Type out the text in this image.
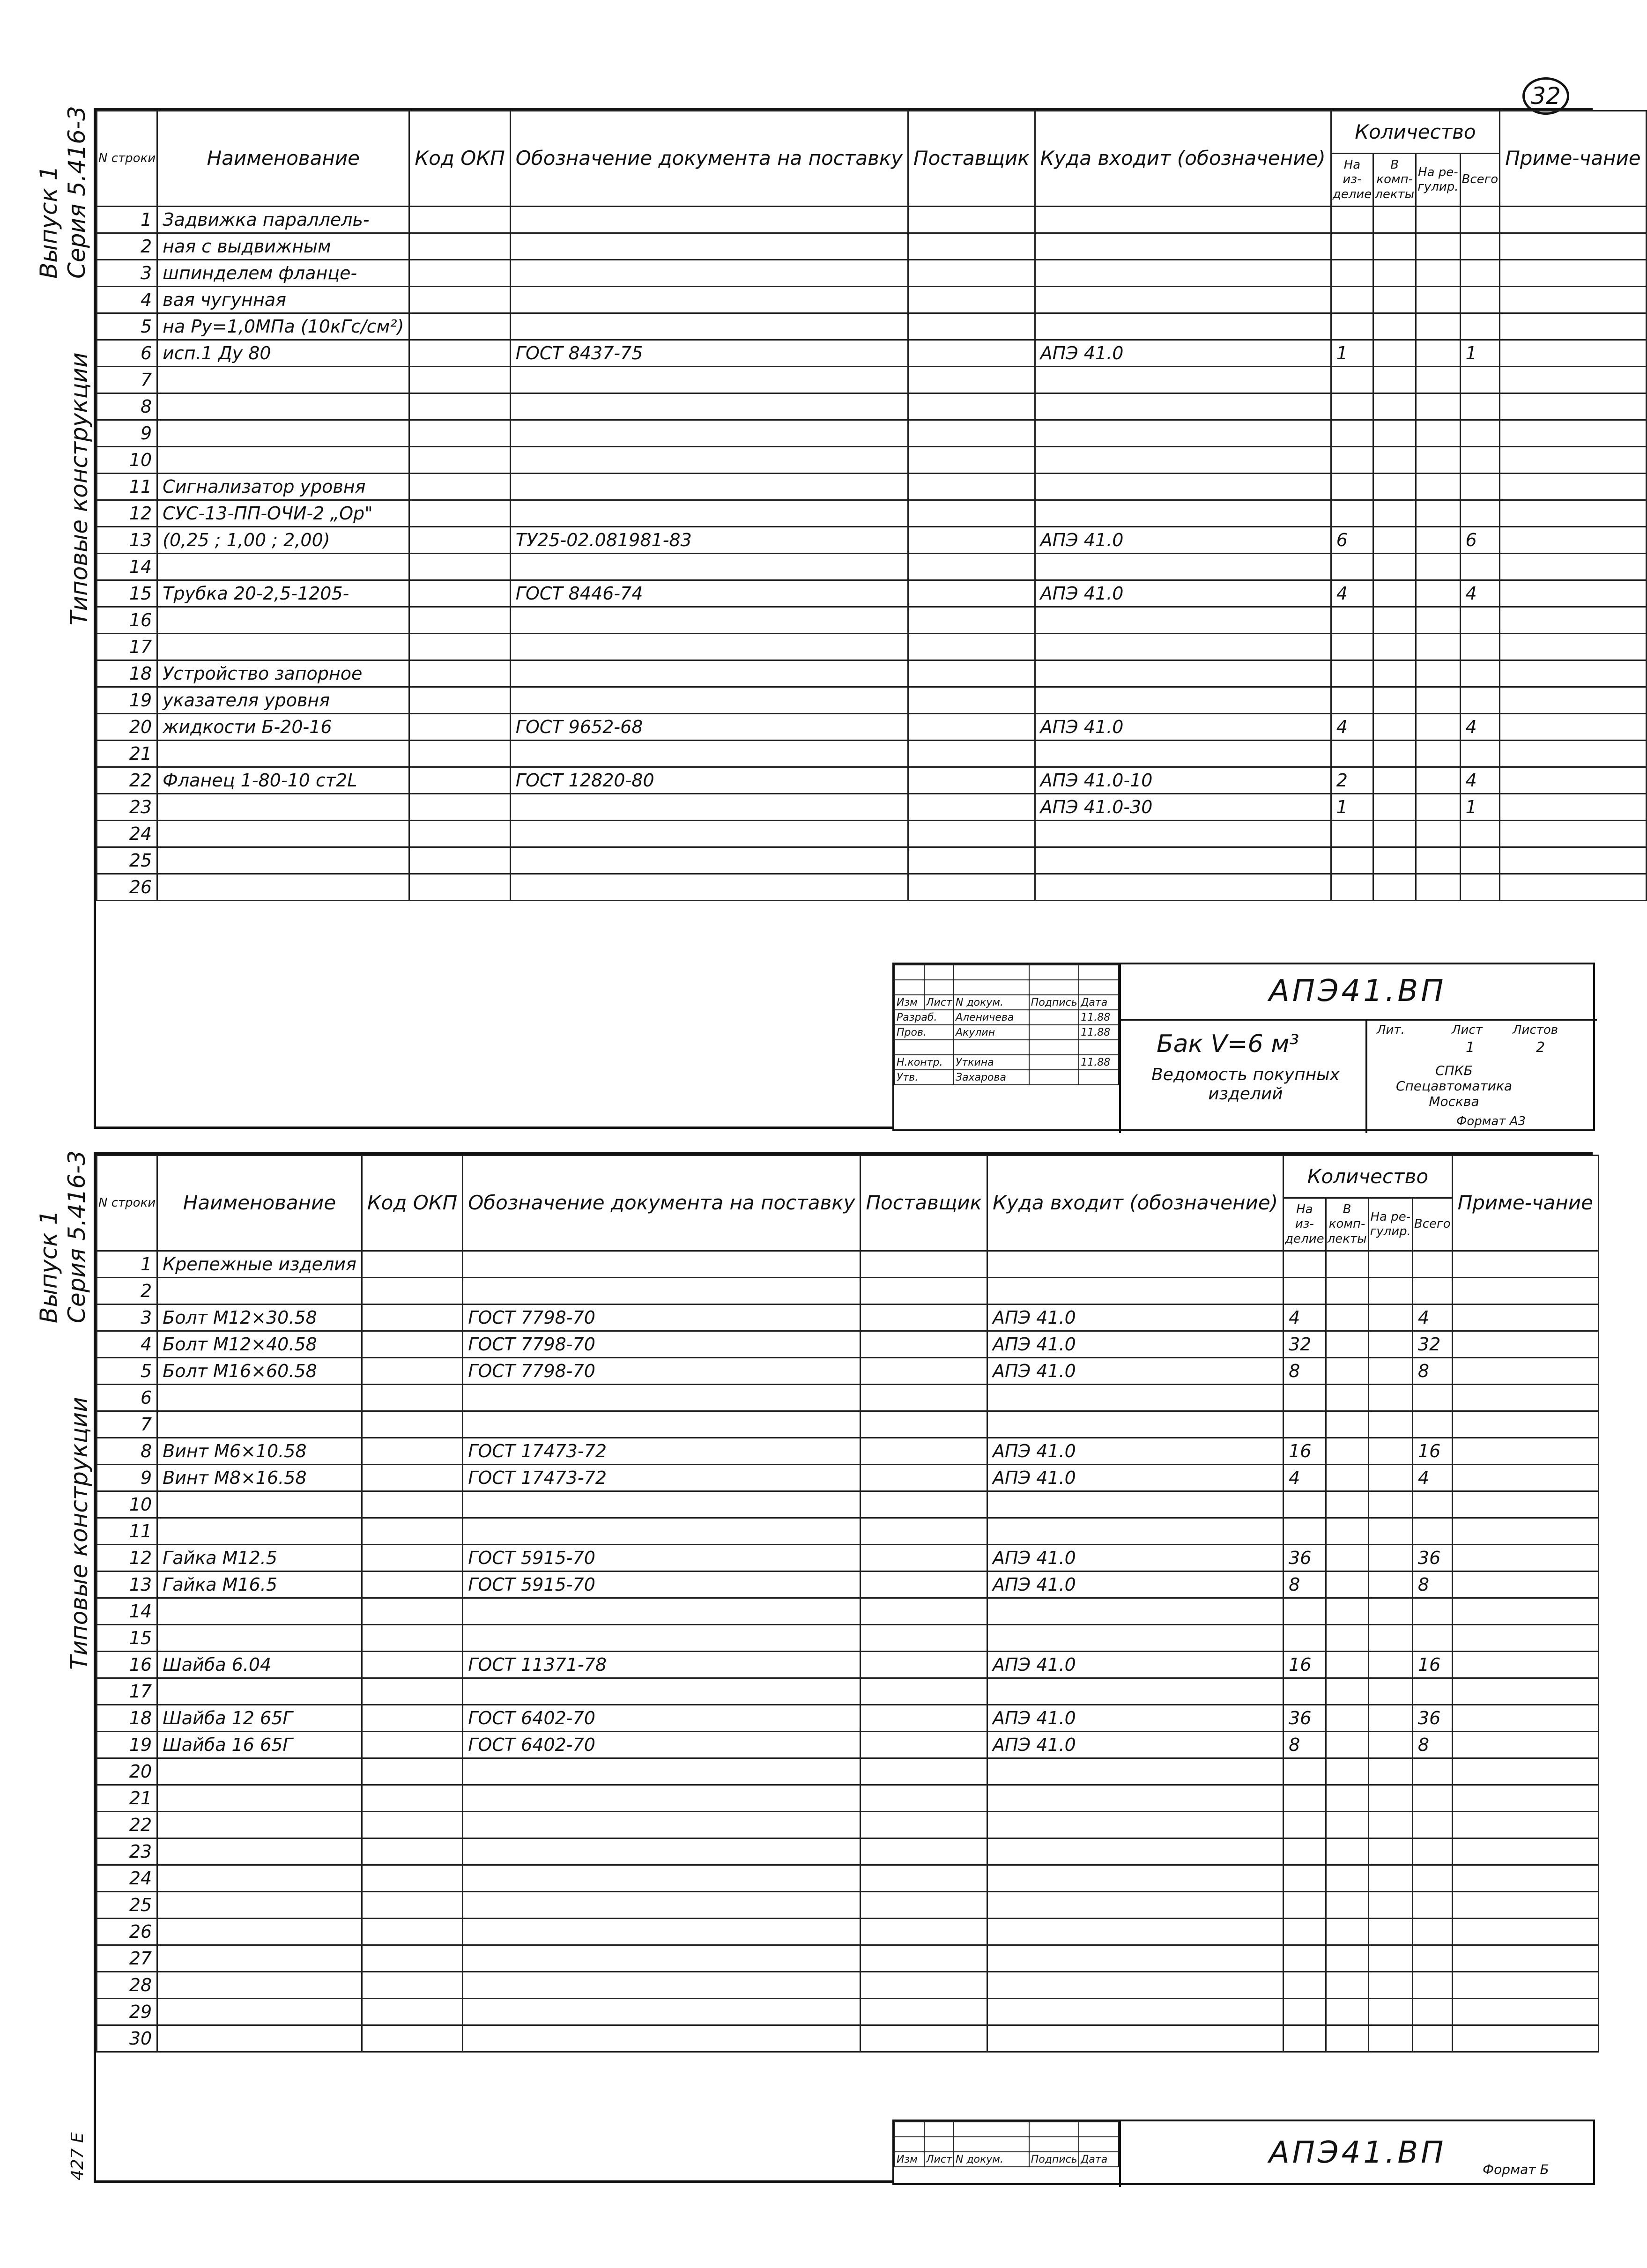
32
Выпуск 1 Серия 5.416-3
Типовые конструкции
N строки	Наименование	Код ОКП	Обозначение документа на поставку	Поставщик	Куда входит (обозначение)	Количество				Приме-чание
						На из-делие	В комп-лекты	На ре-гулир.	Всего	
1	Задвижка параллель-									
2	ная с выдвижным									
3	шпинделем фланце-									
4	вая чугунная									
5	на Py=1,0МПа (10кГс/см²)									
6	исп.1 Ду 80		ГОСТ 8437-75		АПЭ 41.0	1			1	
7										
8										
9										
10										
11	Сигнализатор уровня									
12	СУС-13-ПП-ОЧИ-2 „Ор"									
13	(0,25 ; 1,00 ; 2,00)		ТУ25-02.081981-83		АПЭ 41.0	6			6	
14										
15	Трубка 20-2,5-1205-		ГОСТ 8446-74		АПЭ 41.0	4			4	
16										
17										
18	Устройство запорное									
19	указателя уровня									
20	жидкости Б-20-16		ГОСТ 9652-68		АПЭ 41.0	4			4	
21										
22	Фланец 1-80-10 ст2L		ГОСТ 12820-80		АПЭ 41.0-10	2			4	
23					АПЭ 41.0-30	1			1	
24										
25										
26										

Изм	Лист	N докум.	Подпись	Дата
Разраб.		Аленичева		11.88
Пров.		Акулин		11.88

Н.контр.		Уткина		11.88
Утв.		Захарова		
АПЭ41.ВП
Бак V=6 м³
Ведомость покупных изделий
Лит.	Лист Листов
1	2
СПКБ Спецавтоматика Москва
Формат А3
Выпуск 1 Серия 5.416-3
Типовые конструкции
427 Е
N строки	Наименование	Код ОКП	Обозначение документа на поставку	Поставщик	Куда входит (обозначение)	Количество				Приме-чание
						На из-делие	В комп-лекты	На ре-гулир.	Всего	
1	Крепежные изделия									
2										
3	Болт М12×30.58		ГОСТ 7798-70		АПЭ 41.0	4			4	
4	Болт М12×40.58		ГОСТ 7798-70		АПЭ 41.0	32			32	
5	Болт М16×60.58		ГОСТ 7798-70		АПЭ 41.0	8			8	
6										
7										
8	Винт М6×10.58		ГОСТ 17473-72		АПЭ 41.0	16			16	
9	Винт М8×16.58		ГОСТ 17473-72		АПЭ 41.0	4			4	
10										
11										
12	Гайка М12.5		ГОСТ 5915-70		АПЭ 41.0	36			36	
13	Гайка М16.5		ГОСТ 5915-70		АПЭ 41.0	8			8	
14										
15										
16	Шайба 6.04		ГОСТ 11371-78		АПЭ 41.0	16			16	
17										
18	Шайба 12 65Г		ГОСТ 6402-70		АПЭ 41.0	36			36	
19	Шайба 16 65Г		ГОСТ 6402-70		АПЭ 41.0	8			8	
20										
21										
22										
23										
24										
25										
26										
27										
28										
29										
30										

Изм	Лист	N докум.	Подпись	Дата	АПЭ41.ВП	Формат Б
